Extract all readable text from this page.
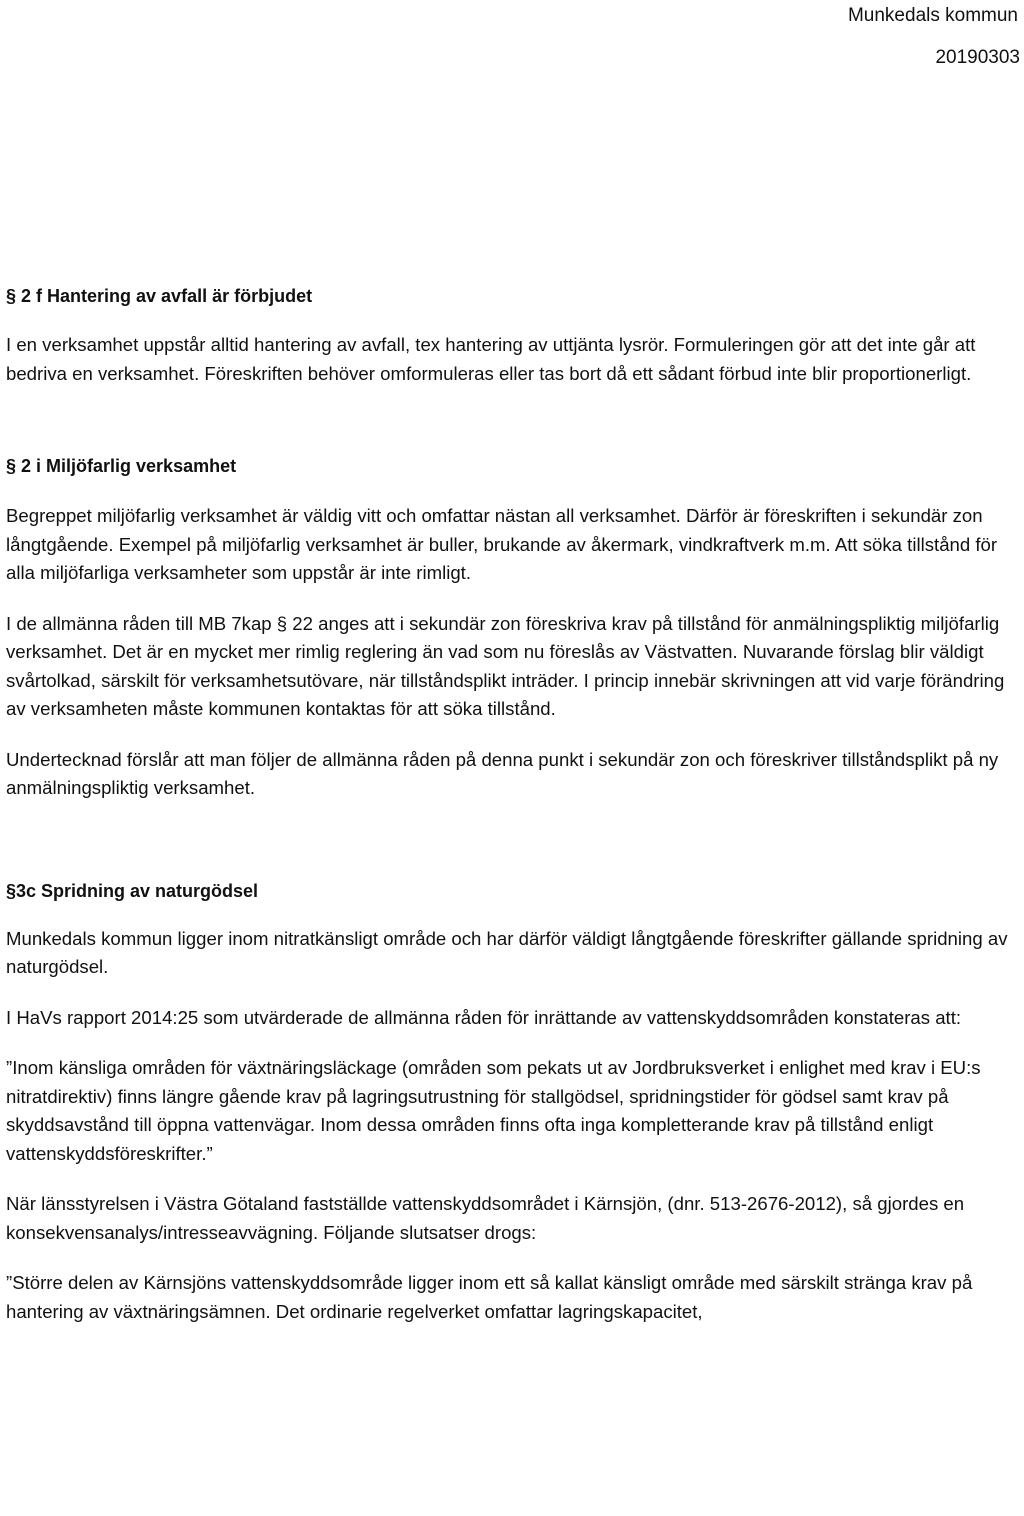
Munkedals kommun
20190303
§ 2 f Hantering av avfall är förbjudet

I en verksamhet uppstår alltid hantering av avfall, tex hantering av uttjänta lysrör. Formuleringen gör att det inte går att bedriva en verksamhet. Föreskriften behöver omformuleras eller tas bort då ett sådant förbud inte blir proportionerligt.

§ 2 i Miljöfarlig verksamhet

Begreppet miljöfarlig verksamhet är väldig vitt och omfattar nästan all verksamhet. Därför är föreskriften i sekundär zon långtgående. Exempel på miljöfarlig verksamhet är buller, brukande av åkermark, vindkraftverk m.m. Att söka tillstånd för alla miljöfarliga verksamheter som uppstår är inte rimligt.

I de allmänna råden till MB 7kap § 22 anges att i sekundär zon föreskriva krav på tillstånd för anmälningspliktig miljöfarlig verksamhet. Det är en mycket mer rimlig reglering än vad som nu föreslås av Västvatten. Nuvarande förslag blir väldigt svårtolkad, särskilt för verksamhetsutövare, när tillståndsplikt inträder. I princip innebär skrivningen att vid varje förändring av verksamheten måste kommunen kontaktas för att söka tillstånd.

Undertecknad förslår att man följer de allmänna råden på denna punkt i sekundär zon och föreskriver tillståndsplikt på ny anmälningspliktig verksamhet.

§3c Spridning av naturgödsel

Munkedals kommun ligger inom nitratkänsligt område och har därför väldigt långtgående föreskrifter gällande spridning av naturgödsel.

I HaVs rapport 2014:25 som utvärderade de allmänna råden för inrättande av vattenskyddsområden konstateras att:

”Inom känsliga områden för växtnäringsläckage (områden som pekats ut av Jordbruksverket i enlighet med krav i EU:s nitratdirektiv) finns längre gående krav på lagringsutrustning för stallgödsel, spridningstider för gödsel samt krav på skyddsavstånd till öppna vattenvägar. Inom dessa områden finns ofta inga kompletterande krav på tillstånd enligt vattenskyddsföreskrifter.”

När länsstyrelsen i Västra Götaland fastställde vattenskyddsområdet i Kärnsjön, (dnr. 513-2676-2012), så gjordes en konsekvensanalys/intresseavvägning. Följande slutsatser drogs:

”Större delen av Kärnsjöns vattenskyddsområde ligger inom ett så kallat känsligt område med särskilt stränga krav på hantering av växtnäringsämnen. Det ordinarie regelverket omfattar lagringskapacitet,
